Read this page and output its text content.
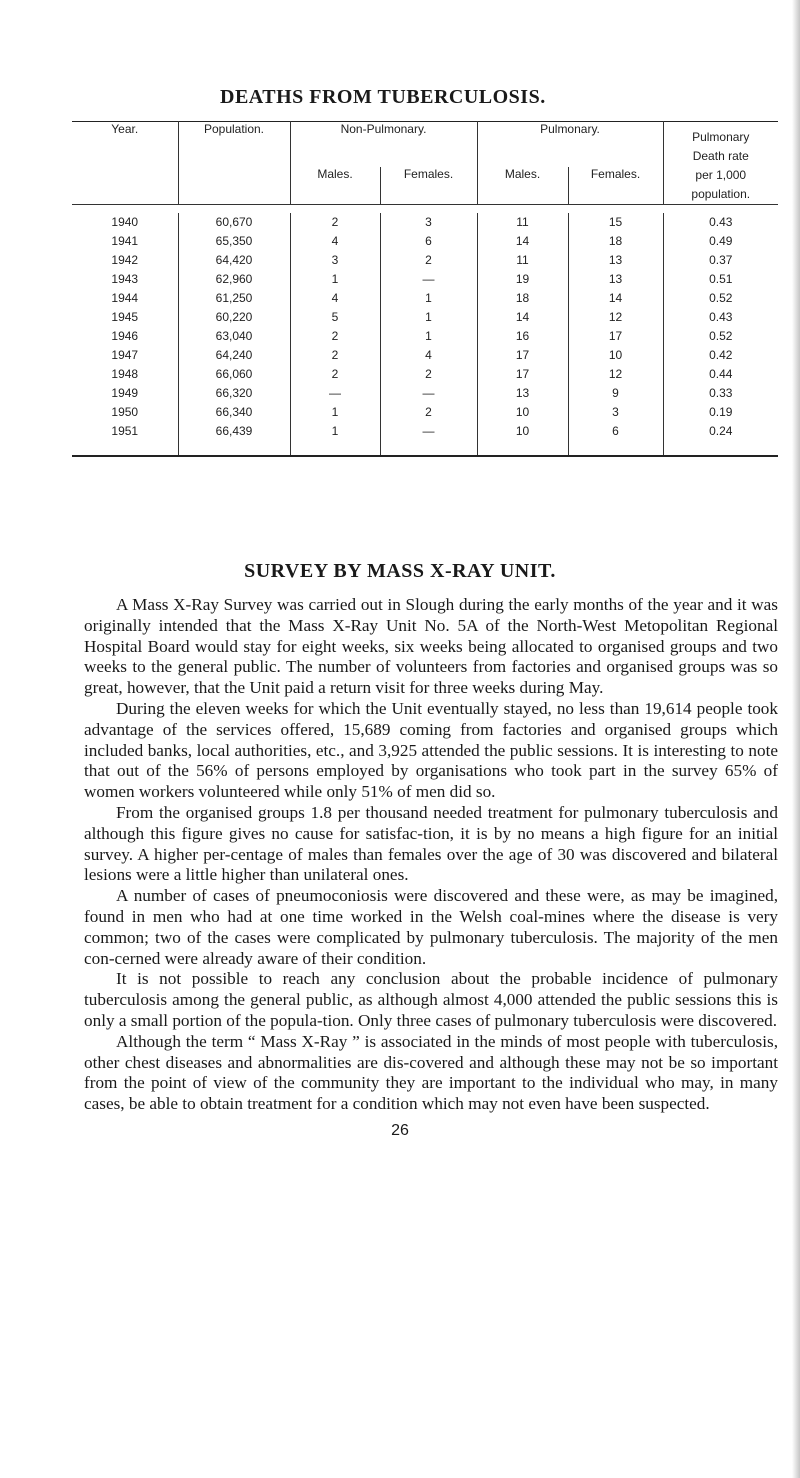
DEATHS FROM TUBERCULOSIS.
Year.	Population.	Non-Pulmonary.		Pulmonary.		Pulmonary
Death rate
per 1,000
population.

		Males.	Females.	Males.	Females.	

1940	60,670	2	3	11	15	0.43
1941	65,350	4	6	14	18	0.49
1942	64,420	3	2	11	13	0.37
1943	62,960	1	—	19	13	0.51
1944	61,250	4	1	18	14	0.52
1945	60,220	5	1	14	12	0.43
1946	63,040	2	1	16	17	0.52
1947	64,240	2	4	17	10	0.42
1948	66,060	2	2	17	12	0.44
1949	66,320	—	—	13	9	0.33
1950	66,340	1	2	10	3	0.19
1951	66,439	1	—	10	6	0.24

SURVEY BY MASS X-RAY UNIT.

A Mass X-Ray Survey was carried out in Slough during the early months of the year and it was originally intended that the Mass X-Ray Unit No. 5A of the North-West Metopolitan Regional Hospital Board would stay for eight weeks, six weeks being allocated to organised groups and two weeks to the general public. The number of volunteers from factories and organised groups was so great, however, that the Unit paid a return visit for three weeks during May.

During the eleven weeks for which the Unit eventually stayed, no less than 19,614 people took advantage of the services offered, 15,689 coming from factories and organised groups which included banks, local authorities, etc., and 3,925 attended the public sessions. It is interesting to note that out of the 56% of persons employed by organisations who took part in the survey 65% of women workers volunteered while only 51% of men did so.

From the organised groups 1.8 per thousand needed treatment for pulmonary tuberculosis and although this figure gives no cause for satisfac-tion, it is by no means a high figure for an initial survey. A higher per-centage of males than females over the age of 30 was discovered and bilateral lesions were a little higher than unilateral ones.

A number of cases of pneumoconiosis were discovered and these were, as may be imagined, found in men who had at one time worked in the Welsh coal-mines where the disease is very common; two of the cases were complicated by pulmonary tuberculosis. The majority of the men con-cerned were already aware of their condition.

It is not possible to reach any conclusion about the probable incidence of pulmonary tuberculosis among the general public, as although almost 4,000 attended the public sessions this is only a small portion of the popula-tion. Only three cases of pulmonary tuberculosis were discovered.

Although the term “ Mass X-Ray ” is associated in the minds of most people with tuberculosis, other chest diseases and abnormalities are dis-covered and although these may not be so important from the point of view of the community they are important to the individual who may, in many cases, be able to obtain treatment for a condition which may not even have been suspected.

26
